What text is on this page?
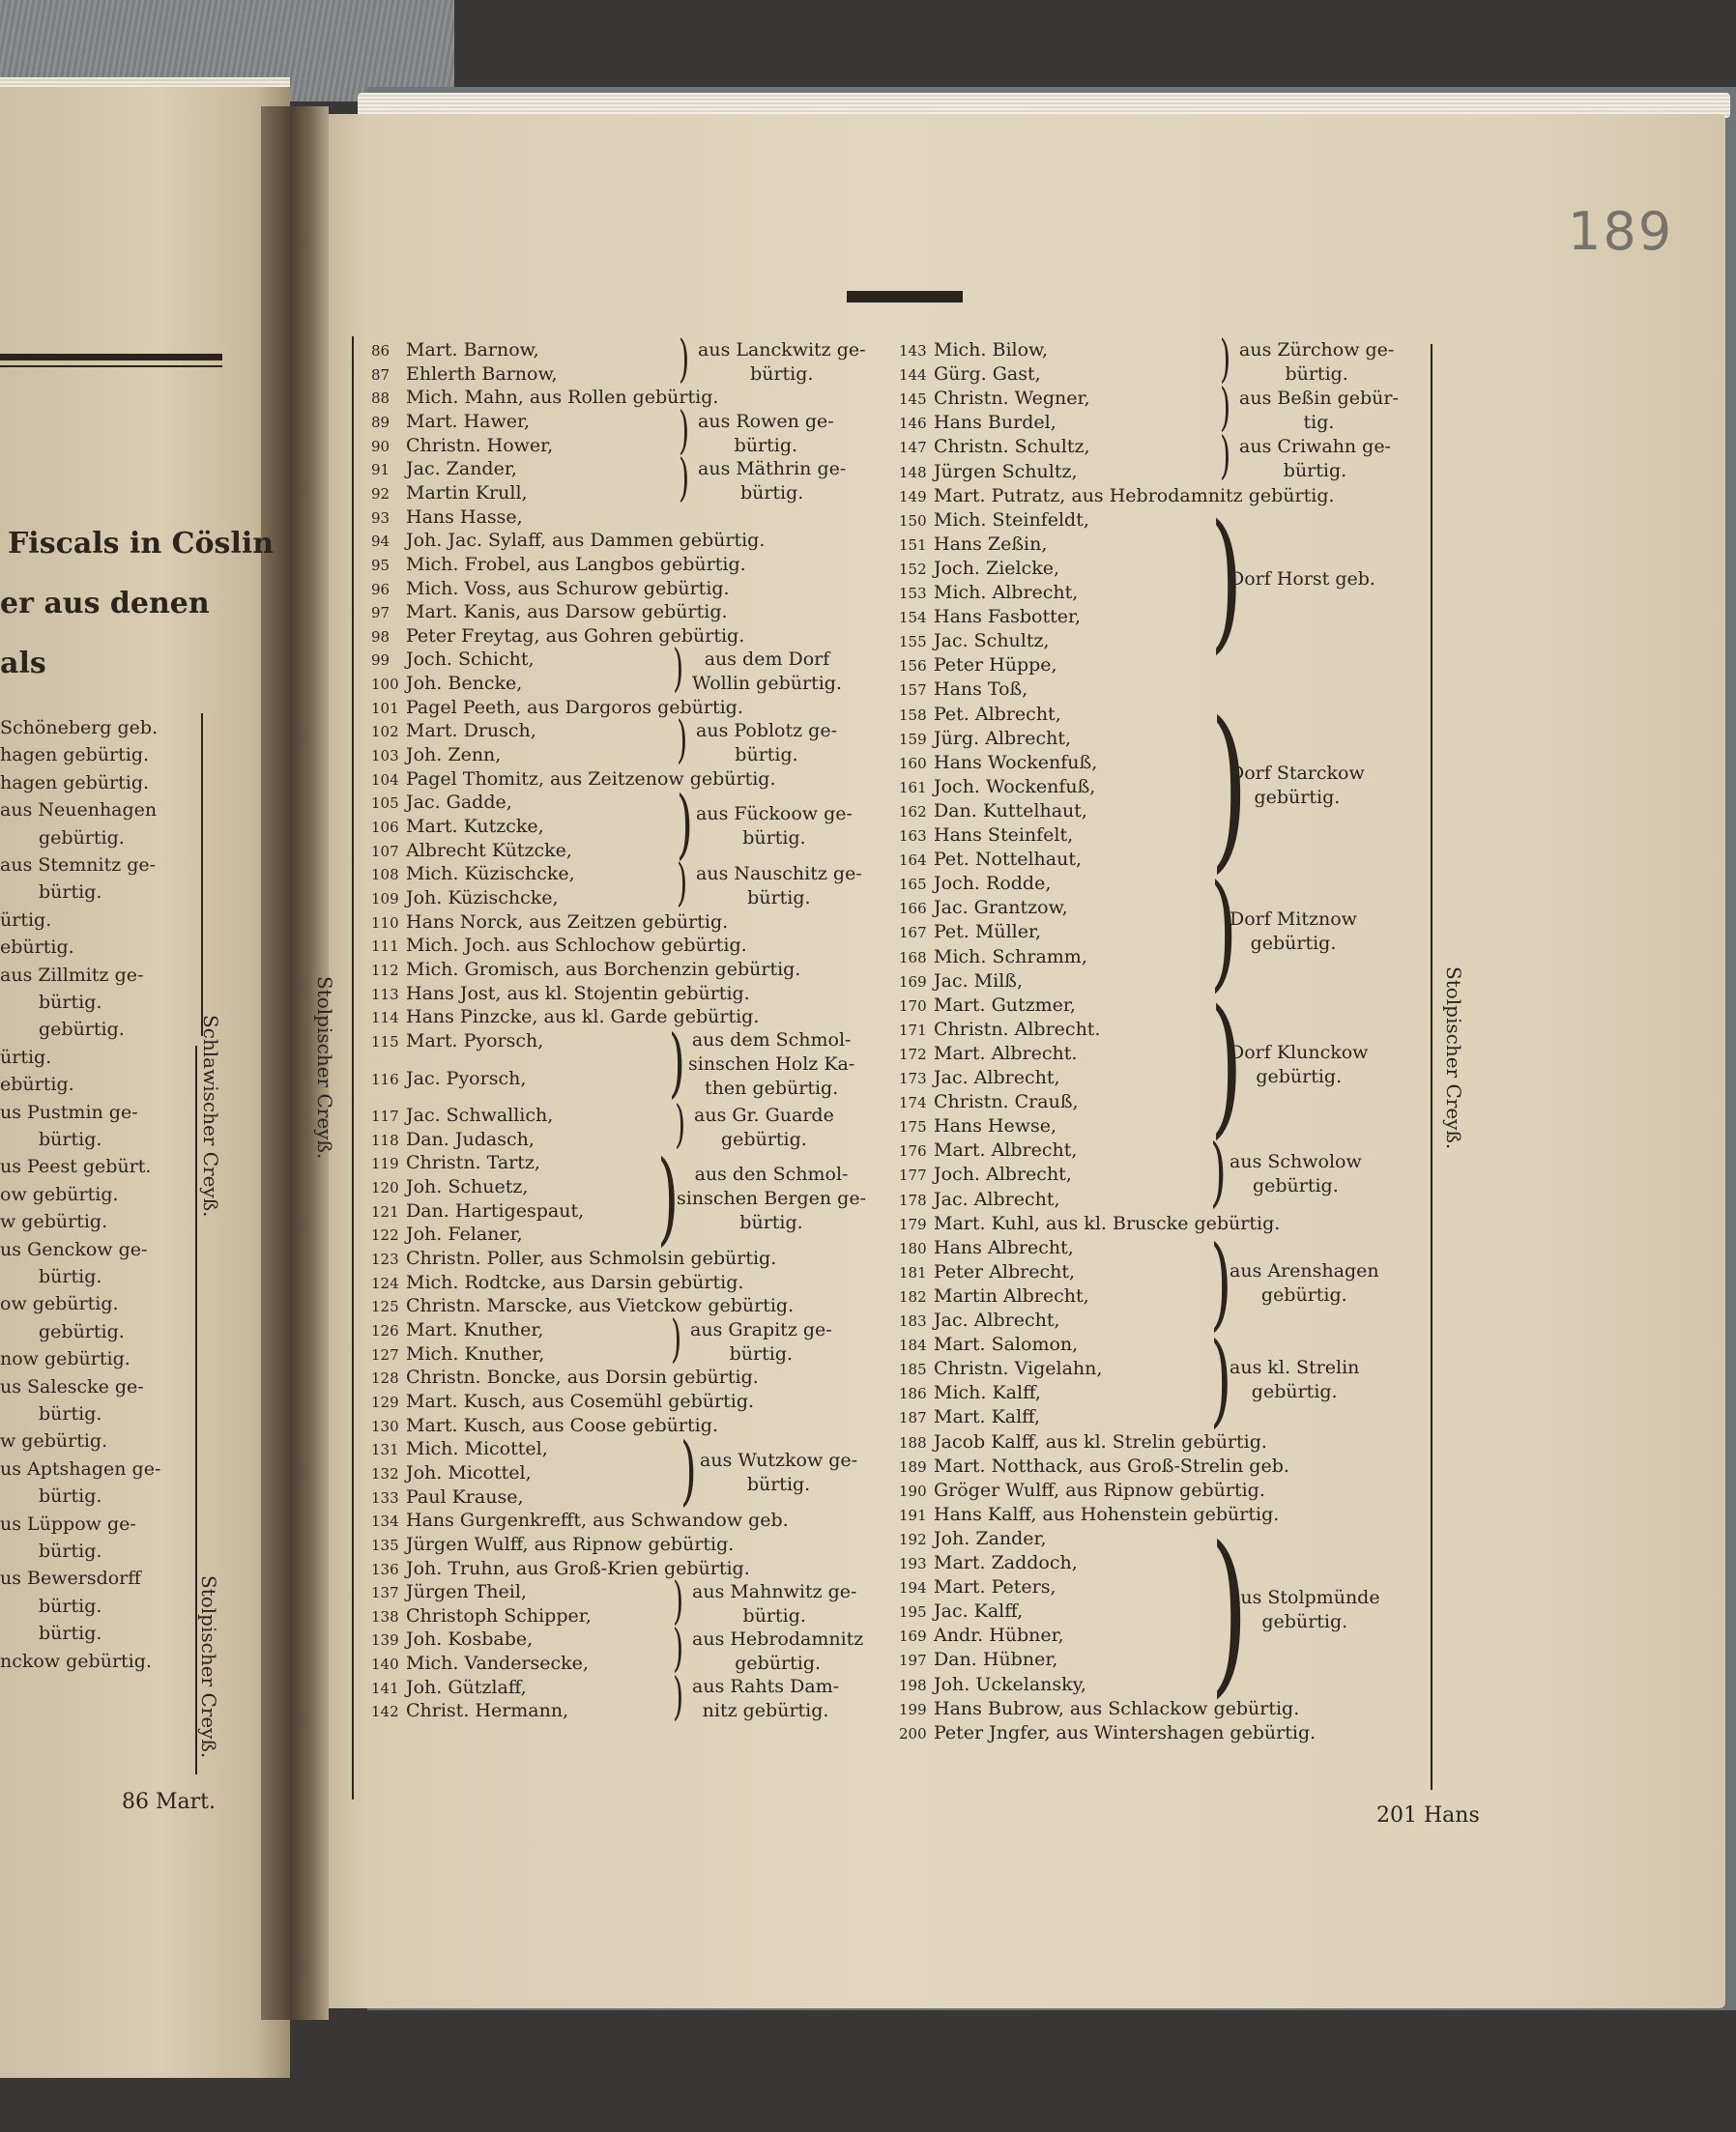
Fiscals in Cöslin
er aus denen
als
Schöneberg geb.
hagen gebürtig.
hagen gebürtig.
aus Neuenhagen
gebürtig.
aus Stemnitz ge-
bürtig.
ürtig.
ebürtig.
aus Zillmitz ge-
bürtig.
gebürtig.
ürtig.
ebürtig.
us Pustmin ge-
bürtig.
us Peest gebürt.
ow gebürtig.
w gebürtig.
us Genckow ge-
bürtig.
ow gebürtig.
gebürtig.
now gebürtig.
us Salescke ge-
bürtig.
w gebürtig.
us Aptshagen ge-
bürtig.
us Lüppow ge-
bürtig.
us Bewersdorff
bürtig.
bürtig.
nckow gebürtig.
Schlawischer Creyß.
Stolpischer Creyß.
86 Mart.
189
86 Mart. Barnow,
87 Ehlerth Barnow,
88 Mich. Mahn, aus Rollen gebürtig.
89 Mart. Hawer,
90 Christn. Hower,
91 Jac. Zander,
92 Martin Krull,
93 Hans Hasse,
94 Joh. Jac. Sylaff, aus Dammen gebürtig.
95 Mich. Frobel, aus Langbos gebürtig.
96 Mich. Voss, aus Schurow gebürtig.
97 Mart. Kanis, aus Darsow gebürtig.
98 Peter Freytag, aus Gohren gebürtig.
99 Joch. Schicht,
100 Joh. Bencke,
101 Pagel Peeth, aus Dargoros gebürtig.
102 Mart. Drusch,
103 Joh. Zenn,
104 Pagel Thomitz, aus Zeitzenow gebürtig.
105 Jac. Gadde,
106 Mart. Kutzcke,
107 Albrecht Kützcke,
108 Mich. Küzischcke,
109 Joh. Küzischcke,
110 Hans Norck, aus Zeitzen gebürtig.
111 Mich. Joch. aus Schlochow gebürtig.
112 Mich. Gromisch, aus Borchenzin gebürtig.
113 Hans Jost, aus kl. Stojentin gebürtig.
114 Hans Pinzcke, aus kl. Garde gebürtig.
115 Mart. Pyorsch,
116 Jac. Pyorsch,
117 Jac. Schwallich,
118 Dan. Judasch,
119 Christn. Tartz,
120 Joh. Schuetz,
121 Dan. Hartigespaut,
122 Joh. Felaner,
123 Christn. Poller, aus Schmolsin gebürtig.
124 Mich. Rodtcke, aus Darsin gebürtig.
125 Christn. Marscke, aus Vietckow gebürtig.
126 Mart. Knuther,
127 Mich. Knuther,
128 Christn. Boncke, aus Dorsin gebürtig.
129 Mart. Kusch, aus Cosemühl gebürtig.
130 Mart. Kusch, aus Coose gebürtig.
131 Mich. Micottel,
132 Joh. Micottel,
133 Paul Krause,
134 Hans Gurgenkrefft, aus Schwandow geb.
135 Jürgen Wulff, aus Ripnow gebürtig.
136 Joh. Truhn, aus Groß-Krien gebürtig.
137 Jürgen Theil,
138 Christoph Schipper,
139 Joh. Kosbabe,
140 Mich. Vandersecke,
141 Joh. Gützlaff,
142 Christ. Hermann,
143 Mich. Bilow,
144 Gürg. Gast,
145 Christn. Wegner,
146 Hans Burdel,
147 Christn. Schultz,
148 Jürgen Schultz,
149 Mart. Putratz, aus Hebrodamnitz gebürtig.
150 Mich. Steinfeldt,
151 Hans Zeßin,
152 Joch. Zielcke,
153 Mich. Albrecht,
154 Hans Fasbotter,
155 Jac. Schultz,
156 Peter Hüppe,
157 Hans Toß,
158 Pet. Albrecht,
159 Jürg. Albrecht,
160 Hans Wockenfuß,
161 Joch. Wockenfuß,
162 Dan. Kuttelhaut,
163 Hans Steinfelt,
164 Pet. Nottelhaut,
165 Joch. Rodde,
166 Jac. Grantzow,
167 Pet. Müller,
168 Mich. Schramm,
169 Jac. Milß,
170 Mart. Gutzmer,
171 Christn. Albrecht.
172 Mart. Albrecht.
173 Jac. Albrecht,
174 Christn. Crauß,
175 Hans Hewse,
176 Mart. Albrecht,
177 Joch. Albrecht,
178 Jac. Albrecht,
179 Mart. Kuhl, aus kl. Bruscke gebürtig.
180 Hans Albrecht,
181 Peter Albrecht,
182 Martin Albrecht,
183 Jac. Albrecht,
184 Mart. Salomon,
185 Christn. Vigelahn,
186 Mich. Kalff,
187 Mart. Kalff,
188 Jacob Kalff, aus kl. Strelin gebürtig.
189 Mart. Notthack, aus Groß-Strelin geb.
190 Gröger Wulff, aus Ripnow gebürtig.
191 Hans Kalff, aus Hohenstein gebürtig.
192 Joh. Zander,
193 Mart. Zaddoch,
194 Mart. Peters,
195 Jac. Kalff,
169 Andr. Hübner,
197 Dan. Hübner,
198 Joh. Uckelansky,
199 Hans Bubrow, aus Schlackow gebürtig.
200 Peter Jngfer, aus Wintershagen gebürtig.
aus Lanckwitz ge-
bürtig.
)
aus Rowen ge-
bürtig.
)
aus Mäthrin ge-
bürtig.
)
aus dem Dorf
Wollin gebürtig.
)
aus Poblotz ge-
bürtig.
)
aus Fückoow ge-
bürtig.
)
aus Nauschitz ge-
bürtig.
)
aus dem Schmol-
sinschen Holz Ka-
then gebürtig.
)
aus Gr. Guarde
gebürtig.
)
aus den Schmol-
sinschen Bergen ge-
bürtig.
)
aus Grapitz ge-
bürtig.
)
aus Wutzkow ge-
bürtig.
)
aus Mahnwitz ge-
bürtig.
)
aus Hebrodamnitz
gebürtig.
)
aus Rahts Dam-
nitz gebürtig.
)
aus Zürchow ge-
bürtig.
)
aus Beßin gebür-
tig.
)
aus Criwahn ge-
bürtig.
)
Dorf Horst geb.
)
Dorf Starckow
gebürtig.
)
Dorf Mitznow
gebürtig.
)
Dorf Klunckow
gebürtig.
)
aus Schwolow
gebürtig.
)
aus Arenshagen
gebürtig.
)
aus kl. Strelin
gebürtig.
)
aus Stolpmünde
gebürtig.
)
Stolpischer Creyß.	Stolpischer Creyß.
201 Hans
